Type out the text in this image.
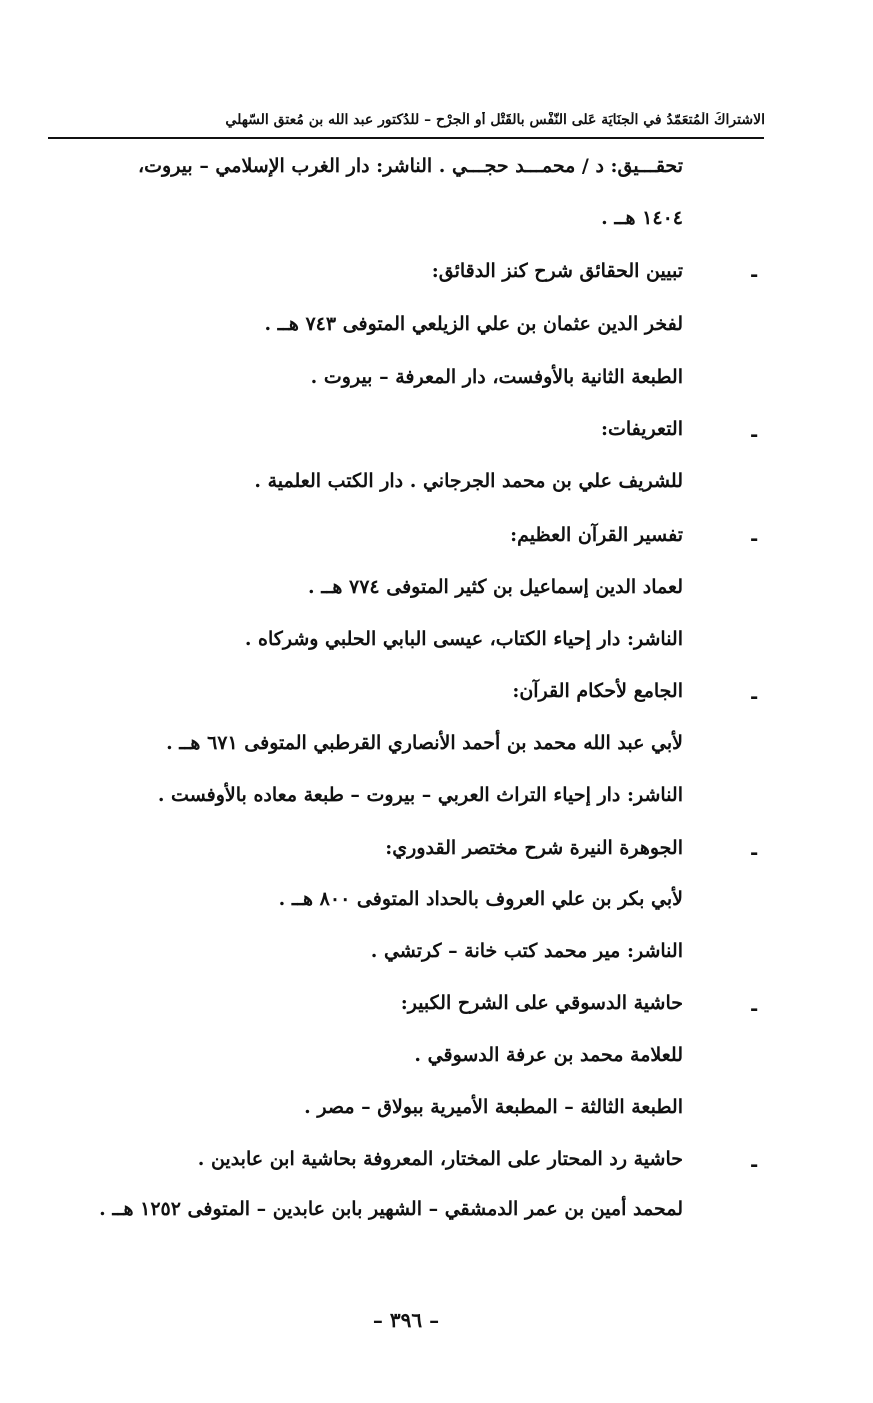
الاشتراكُ الْمُتعَمّدُ في الْجنَايَة عَلى النّفْس بالقَتْل أو الْجرْح – للدُكتور عبد الله بن مُعتق السّهلي
تحقـــيق: د / محمـــد حجـــي . الناشر: دار الغرب الإسلامي – بيروت،
١٤٠٤ هــ .
-
تبيين الحقائق شرح كنز الدقائق:
لفخر الدين عثمان بن علي الزيلعي المتوفى ٧٤٣ هــ .
الطبعة الثانية بالأوفست، دار المعرفة – بيروت .
-
التعريفات:
للشريف علي بن محمد الجرجاني . دار الكتب العلمية .
-
تفسير القرآن العظيم:
لعماد الدين إسماعيل بن كثير المتوفى ٧٧٤ هــ .
الناشر: دار إحياء الكتاب، عيسى البابي الحلبي وشركاه .
-
الجامع لأحكام القرآن:
لأبي عبد الله محمد بن أحمد الأنصاري القرطبي المتوفى ٦٧١ هــ .
الناشر: دار إحياء التراث العربي – بيروت – طبعة معاده بالأوفست .
-
الجوهرة النيرة شرح مختصر القدوري:
لأبي بكر بن علي العروف بالحداد المتوفى ٨٠٠ هــ .
الناشر: مير محمد كتب خانة – كرتشي .
-
حاشية الدسوقي على الشرح الكبير:
للعلامة محمد بن عرفة الدسوقي .
الطبعة الثالثة – المطبعة الأميرية ببولاق – مصر .
-
حاشية رد المحتار على المختار، المعروفة بحاشية ابن عابدين .
لمحمد أمين بن عمر الدمشقي – الشهير بابن عابدين – المتوفى ١٢٥٢ هــ .
– ٣٩٦ –
